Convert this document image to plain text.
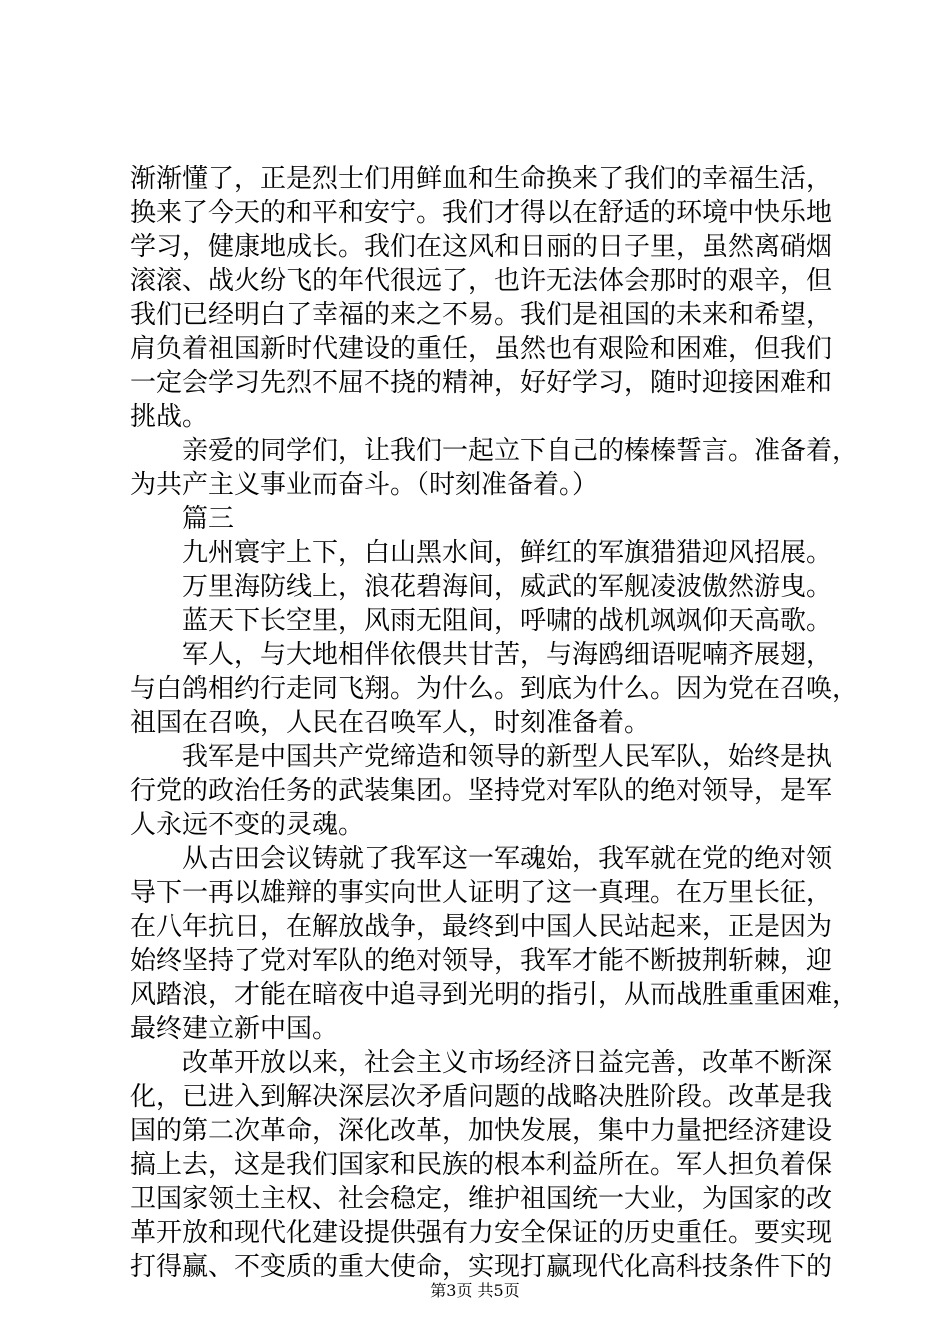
渐渐懂了，正是烈士们用鲜血和生命换来了我们的幸福生活，
换来了今天的和平和安宁。我们才得以在舒适的环境中快乐地
学习，健康地成长。我们在这风和日丽的日子里，虽然离硝烟
滚滚、战火纷飞的年代很远了，也许无法体会那时的艰辛，但
我们已经明白了幸福的来之不易。我们是祖国的未来和希望，
肩负着祖国新时代建设的重任，虽然也有艰险和困难，但我们
一定会学习先烈不屈不挠的精神，好好学习，随时迎接困难和
挑战。
亲爱的同学们，让我们一起立下自己的榛榛誓言。准备着，
为共产主义事业而奋斗。（时刻准备着。）
篇三
九州寰宇上下，白山黑水间，鲜红的军旗猎猎迎风招展。
万里海防线上，浪花碧海间，威武的军舰凌波傲然游曳。
蓝天下长空里，风雨无阻间，呼啸的战机飒飒仰天高歌。
军人，与大地相伴依偎共甘苦，与海鸥细语呢喃齐展翅，
与白鸽相约行走同飞翔。为什么。到底为什么。因为党在召唤，
祖国在召唤，人民在召唤军人，时刻准备着。
我军是中国共产党缔造和领导的新型人民军队，始终是执
行党的政治任务的武装集团。坚持党对军队的绝对领导，是军
人永远不变的灵魂。
从古田会议铸就了我军这一军魂始，我军就在党的绝对领
导下一再以雄辩的事实向世人证明了这一真理。在万里长征，
在八年抗日，在解放战争，最终到中国人民站起来，正是因为
始终坚持了党对军队的绝对领导，我军才能不断披荆斩棘，迎
风踏浪，才能在暗夜中追寻到光明的指引，从而战胜重重困难，
最终建立新中国。
改革开放以来，社会主义市场经济日益完善，改革不断深
化，已进入到解决深层次矛盾问题的战略决胜阶段。改革是我
国的第二次革命，深化改革，加快发展，集中力量把经济建设
搞上去，这是我们国家和民族的根本利益所在。军人担负着保
卫国家领土主权、社会稳定，维护祖国统一大业，为国家的改
革开放和现代化建设提供强有力安全保证的历史重任。要实现
打得赢、不变质的重大使命，实现打赢现代化高科技条件下的
第3页 共5页
